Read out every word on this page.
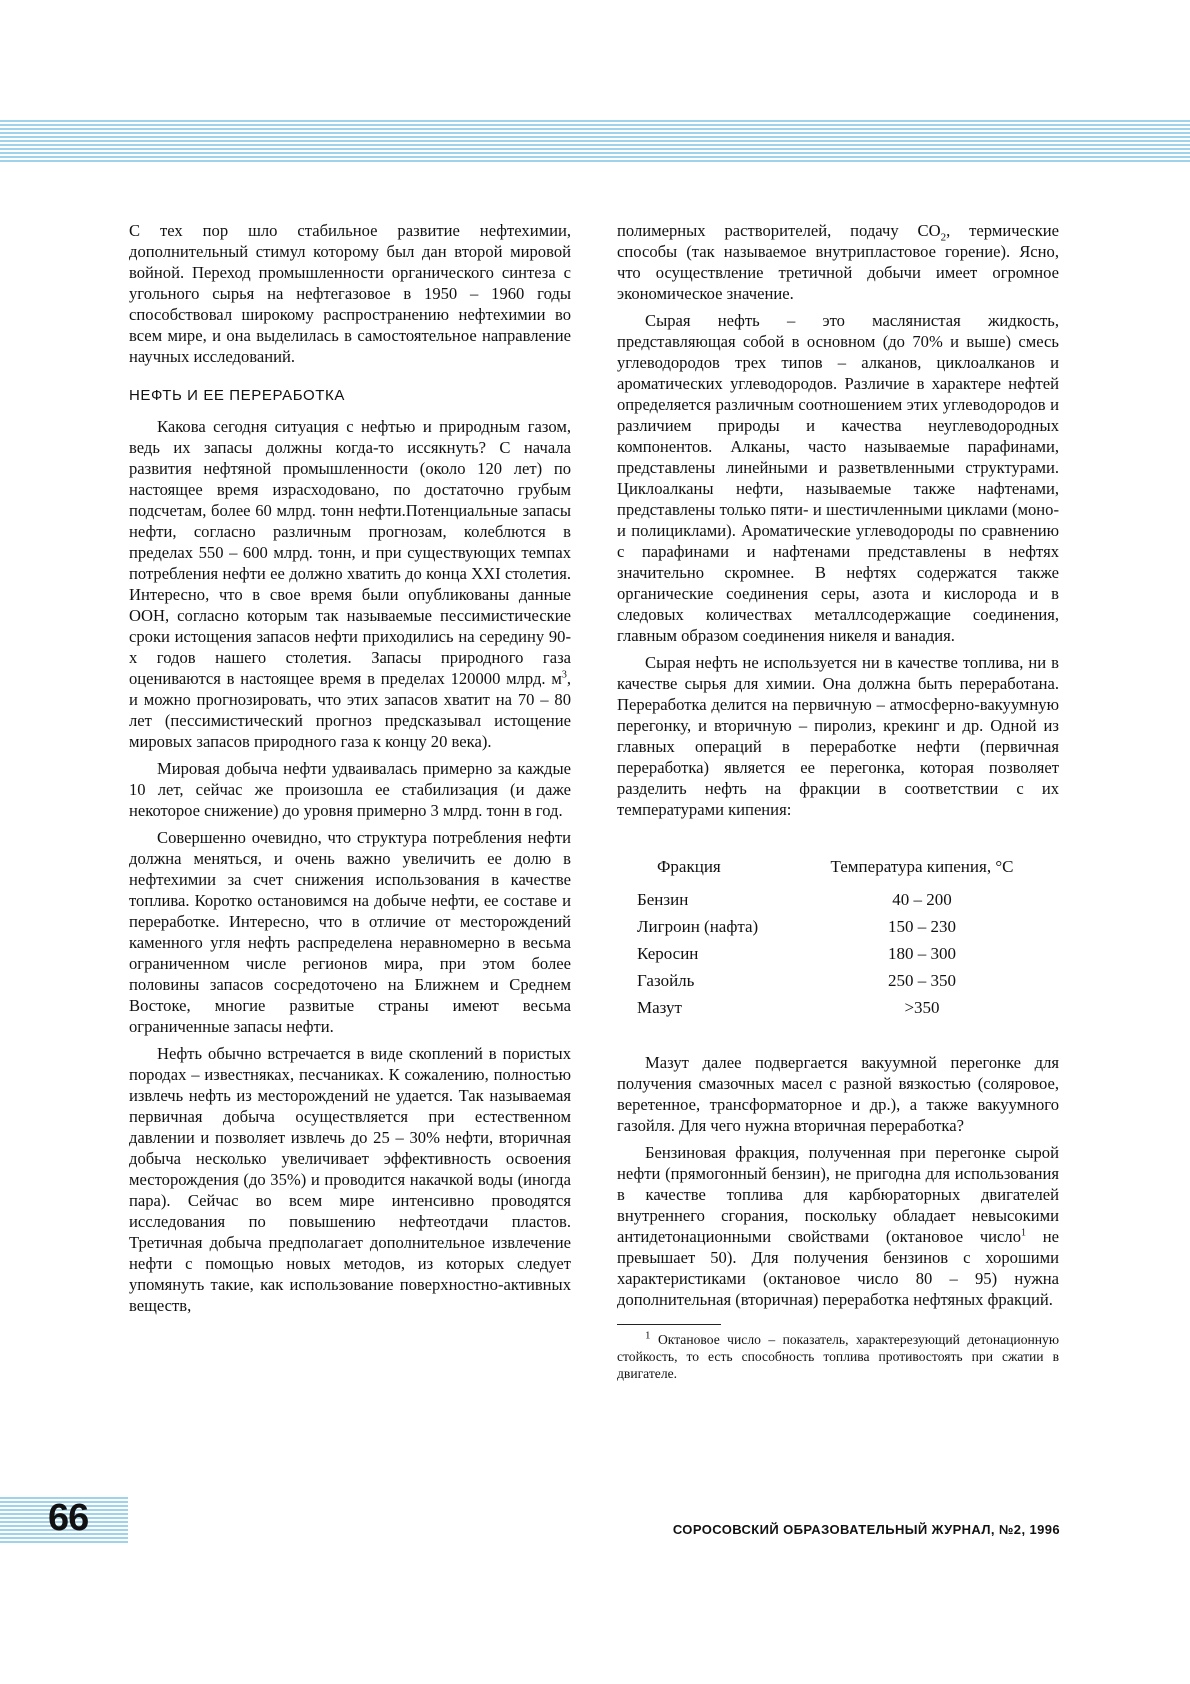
С тех пор шло стабильное развитие нефтехимии, дополнительный стимул которому был дан второй мировой войной. Переход промышленности органического синтеза с угольного сырья на нефтегазовое в 1950 – 1960 годы способствовал широкому распространению нефтехимии во всем мире, и она выделилась в самостоятельное направление научных исследований.

НЕФТЬ И ЕЕ ПЕРЕРАБОТКА

Какова сегодня ситуация с нефтью и природным газом, ведь их запасы должны когда-то иссякнуть? С начала развития нефтяной промышленности (около 120 лет) по настоящее время израсходовано, по достаточно грубым подсчетам, более 60 млрд. тонн нефти.Потенциальные запасы нефти, согласно различным прогнозам, колеблются в пределах 550 – 600 млрд. тонн, и при существующих темпах потребления нефти ее должно хватить до конца XXI столетия. Интересно, что в свое время были опубликованы данные ООН, согласно которым так называемые пессимистические сроки истощения запасов нефти приходились на середину 90-х годов нашего столетия. Запасы природного газа оцениваются в настоящее время в пределах 120000 млрд. $м^3$, и можно прогнозировать, что этих запасов хватит на 70 – 80 лет (пессимистический прогноз предсказывал истощение мировых запасов природного газа к концу 20 века).

Мировая добыча нефти удваивалась примерно за каждые 10 лет, сейчас же произошла ее стабилизация (и даже некоторое снижение) до уровня примерно 3 млрд. тонн в год.

Совершенно очевидно, что структура потребления нефти должна меняться, и очень важно увеличить ее долю в нефтехимии за счет снижения использования в качестве топлива. Коротко остановимся на добыче нефти, ее составе и переработке. Интересно, что в отличие от месторождений каменного угля нефть распределена неравномерно в весьма ограниченном числе регионов мира, при этом более половины запасов сосредоточено на Ближнем и Среднем Востоке, многие развитые страны имеют весьма ограниченные запасы нефти.

Нефть обычно встречается в виде скоплений в пористых породах – известняках, песчаниках. К сожалению, полностью извлечь нефть из месторождений не удается. Так называемая первичная добыча осуществляется при естественном давлении и позволяет извлечь до 25 – 30% нефти, вторичная добыча несколько увеличивает эффективность освоения месторождения (до 35%) и проводится накачкой воды (иногда пара). Сейчас во всем мире интенсивно проводятся исследования по повышению нефтеотдачи пластов. Третичная добыча предполагает дополнительное извлечение нефти с помощью новых методов, из которых следует упомянуть такие, как использование поверхностно-активных веществ,

полимерных растворителей, подачу $CO_2$, термические способы (так называемое внутрипластовое горение). Ясно, что осуществление третичной добычи имеет огромное экономическое значение.

Сырая нефть – это маслянистая жидкость, представляющая собой в основном (до 70% и выше) смесь углеводородов трех типов – алканов, циклоалканов и ароматических углеводородов. Различие в характере нефтей определяется различным соотношением этих углеводородов и различием природы и качества неуглеводородных компонентов. Алканы, часто называемые парафинами, представлены линейными и разветвленными структурами. Циклоалканы нефти, называемые также нафтенами, представлены только пяти- и шестичленными циклами (моно- и полициклами). Ароматические углеводороды по сравнению с парафинами и нафтенами представлены в нефтях значительно скромнее. В нефтях содержатся также органические соединения серы, азота и кислорода и в следовых количествах металлсодержащие соединения, главным образом соединения никеля и ванадия.

Сырая нефть не используется ни в качестве топлива, ни в качестве сырья для химии. Она должна быть переработана. Переработка делится на первичную – атмосферно-вакуумную перегонку, и вторичную – пиролиз, крекинг и др. Одной из главных операций в переработке нефти (первичная переработка) является ее перегонка, которая позволяет разделить нефть на фракции в соответствии с их температурами кипения:

Фракция	Температура кипения, °С
Бензин	40 – 200
Лигроин (нафта)	150 – 230
Керосин	180 – 300
Газойль	250 – 350
Мазут	>350

Мазут далее подвергается вакуумной перегонке для получения смазочных масел с разной вязкостью (соляровое, веретенное, трансформаторное и др.), а также вакуумного газойля. Для чего нужна вторичная переработка?

Бензиновая фракция, полученная при перегонке сырой нефти (прямогонный бензин), не пригодна для использования в качестве топлива для карбюраторных двигателей внутреннего сгорания, поскольку обладает невысокими антидетонационными свойствами (октановое число$^1$ не превышает 50). Для получения бензинов с хорошими характеристиками (октановое число 80 – 95) нужна дополнительная (вторичная) переработка нефтяных фракций.

$^1$ Октановое число – показатель, характерезующий детонационную стойкость, то есть способность топлива противостоять при сжатии в двигателе.

66	СОРОСОВСКИЙ ОБРАЗОВАТЕЛЬНЫЙ ЖУРНАЛ, №2, 1996
